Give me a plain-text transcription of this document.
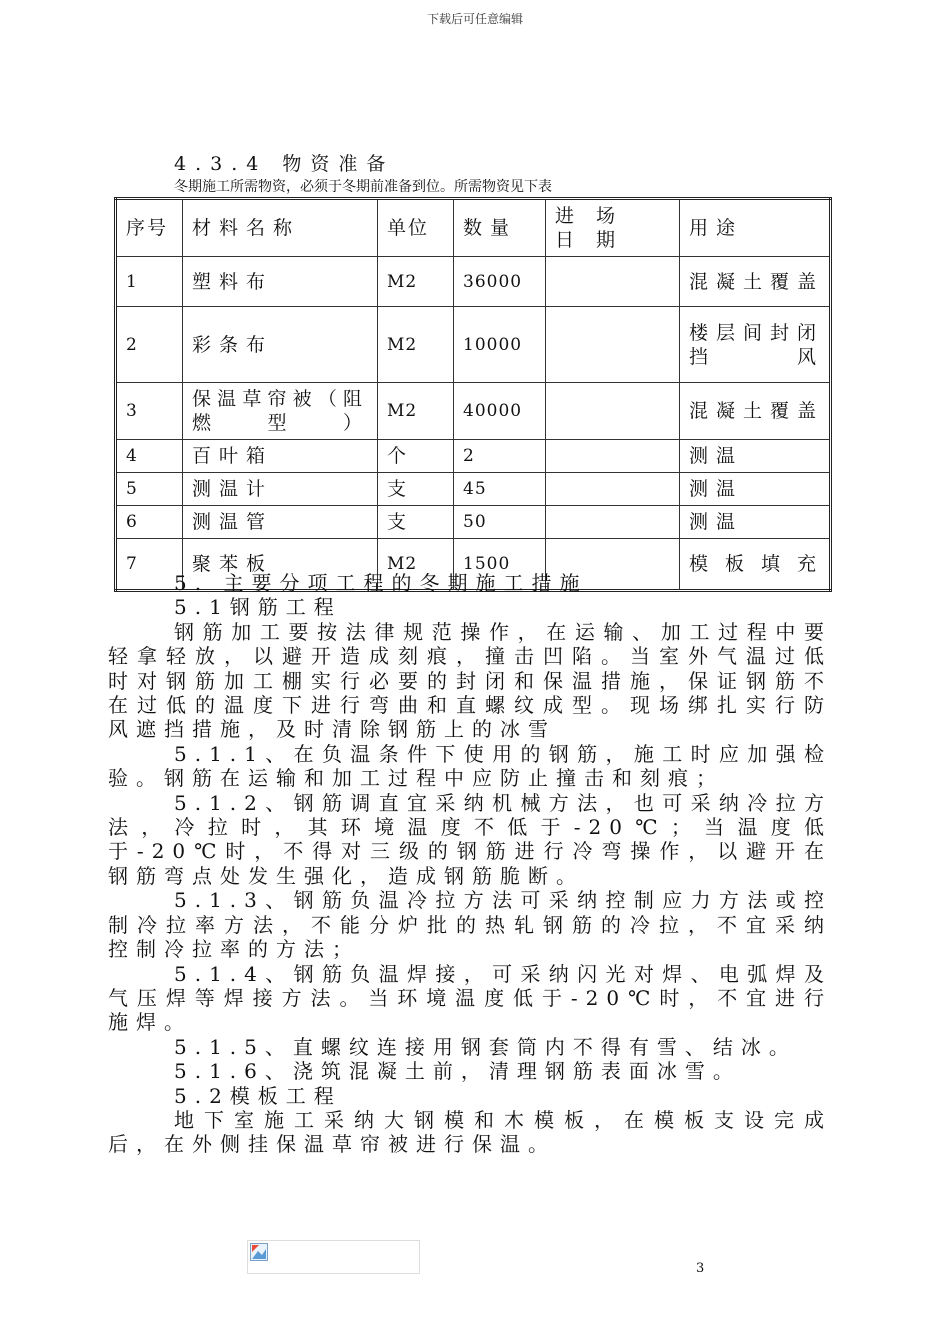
下载后可任意编辑
4.3.4 物资准备
冬期施工所需物资，必须于冬期前准备到位。所需物资见下表
序号	材料名称	单位	数量	进场日期	用途
1	塑料布	M2	36000		混凝土覆盖
2	彩条布	M2	10000		楼层间封闭挡风
3	保温草帘被（阻燃型）	M2	40000		混凝土覆盖
4	百叶箱	个	2		测温
5	测温计	支	45		测温
6	测温管	支	50		测温
7	聚苯板	M2	1500		模板填充

5. 主要分项工程的冬期施工措施

5.1钢筋工程

钢筋加工要按法律规范操作，在运输、加工过程中要轻拿轻放，以避开造成刻痕，撞击凹陷。当室外气温过低时对钢筋加工棚实行必要的封闭和保温措施，保证钢筋不在过低的温度下进行弯曲和直螺纹成型。现场绑扎实行防风遮挡措施，及时清除钢筋上的冰雪

5.1.1、在负温条件下使用的钢筋，施工时应加强检验。钢筋在运输和加工过程中应防止撞击和刻痕；

5.1.2、钢筋调直宜采纳机械方法，也可采纳冷拉方法，冷拉时，其环境温度不低于-20℃；当温度低于-20℃时，不得对三级的钢筋进行冷弯操作，以避开在钢筋弯点处发生强化，造成钢筋脆断。

5.1.3、钢筋负温冷拉方法可采纳控制应力方法或控制冷拉率方法，不能分炉批的热轧钢筋的冷拉，不宜采纳控制冷拉率的方法；

5.1.4、钢筋负温焊接，可采纳闪光对焊、电弧焊及气压焊等焊接方法。当环境温度低于-20℃时，不宜进行施焊。

5.1.5、直螺纹连接用钢套筒内不得有雪、结冰。

5.1.6、浇筑混凝土前，清理钢筋表面冰雪。

5.2模板工程

地下室施工采纳大钢模和木模板，在模板支设完成后，在外侧挂保温草帘被进行保温。

3
